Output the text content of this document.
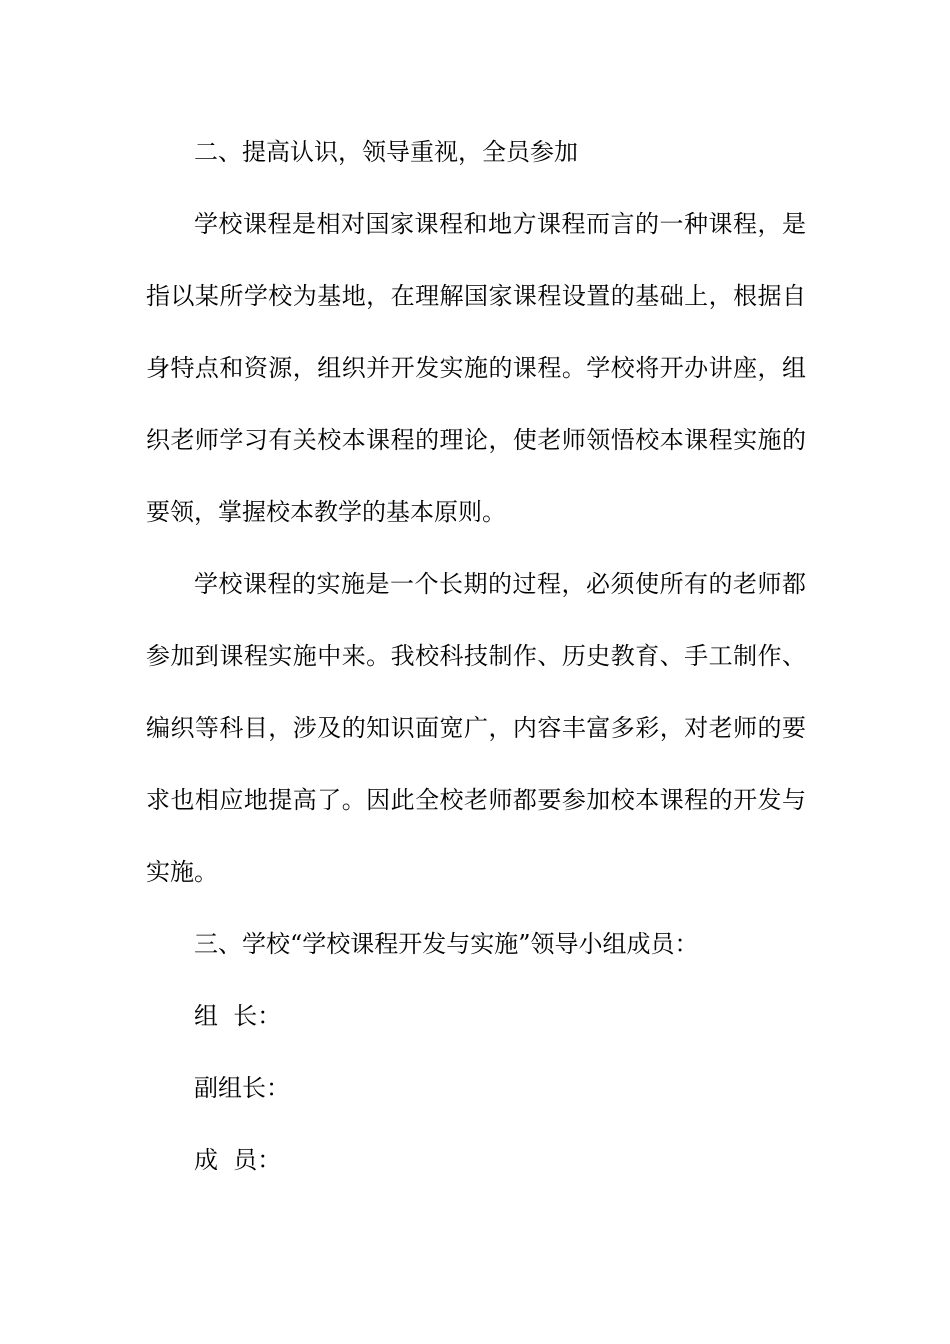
二、提高认识，领导重视，全员参加
学校课程是相对国家课程和地方课程而言的一种课程，是
指以某所学校为基地，在理解国家课程设置的基础上，根据自
身特点和资源，组织并开发实施的课程。学校将开办讲座，组
织老师学习有关校本课程的理论，使老师领悟校本课程实施的
要领，掌握校本教学的基本原则。
学校课程的实施是一个长期的过程，必须使所有的老师都
参加到课程实施中来。我校科技制作、历史教育、手工制作、
编织等科目，涉及的知识面宽广，内容丰富多彩，对老师的要
求也相应地提高了。因此全校老师都要参加校本课程的开发与
实施。
三、学校“学校课程开发与实施”领导小组成员：
组  长：
副组长：
成  员：
